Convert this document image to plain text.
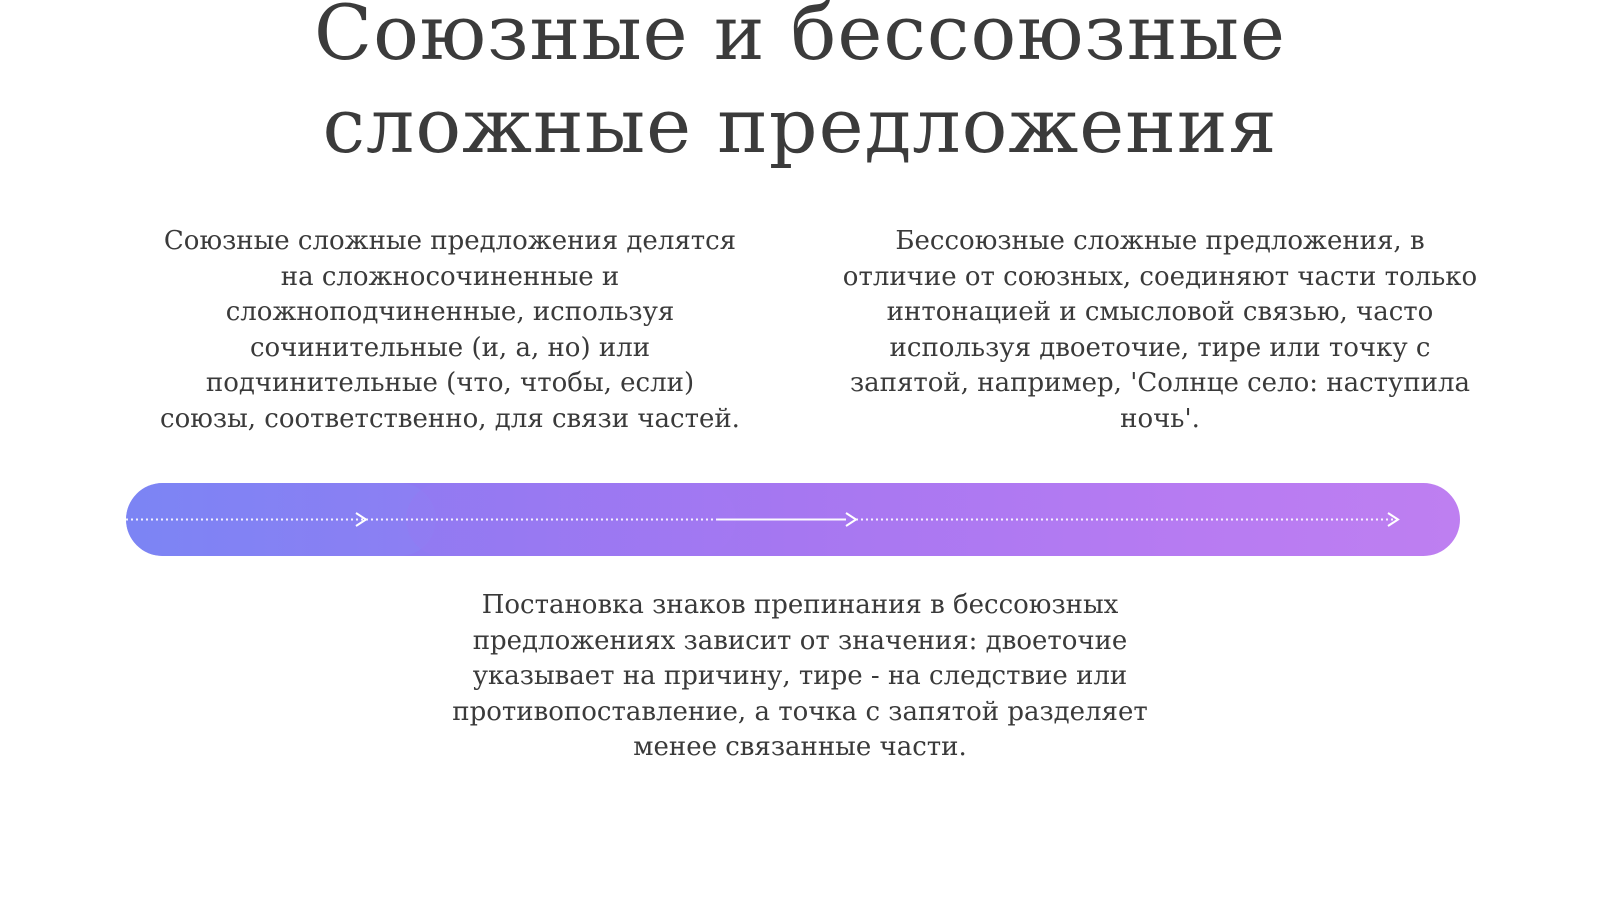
Союзные и бессоюзные
сложные предложения

Союзные сложные предложения делятся на сложносочиненные и сложноподчиненные, используя сочинительные (и, а, но) или подчинительные (что, чтобы, если) союзы, соответственно, для связи частей.

Бессоюзные сложные предложения, в отличие от союзных, соединяют части только интонацией и смысловой связью, часто используя двоеточие, тире или точку с запятой, например, 'Солнце село: наступила ночь'.

Постановка знаков препинания в бессоюзных предложениях зависит от значения: двоеточие указывает на причину, тире - на следствие или противопоставление, а точка с запятой разделяет менее связанные части.
